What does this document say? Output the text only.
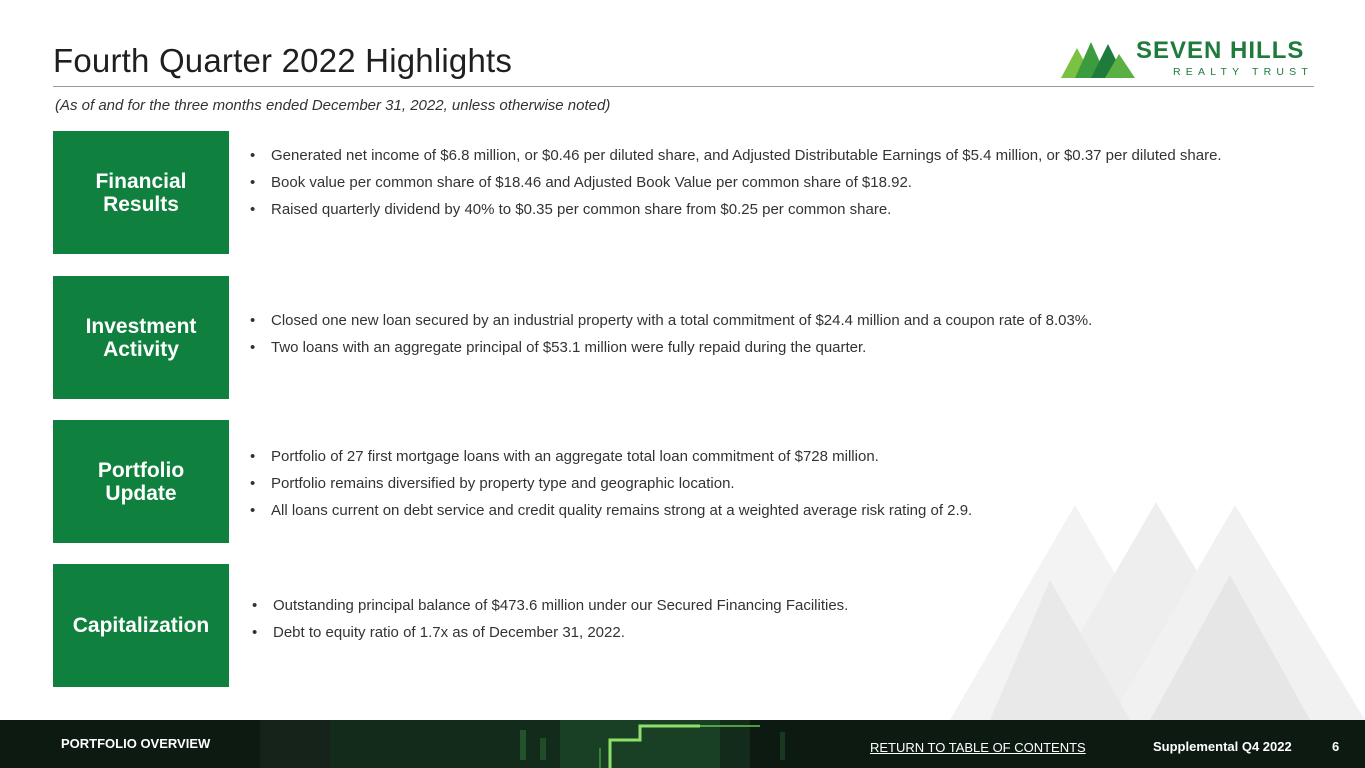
Fourth Quarter 2022 Highlights	SEVEN HILLS
REALTY TRUST
(As of and for the three months ended December 31, 2022, unless otherwise noted)
Financial Results
• Generated net income of $6.8 million, or $0.46 per diluted share, and Adjusted Distributable Earnings of $5.4 million, or $0.37 per diluted share.
• Book value per common share of $18.46 and Adjusted Book Value per common share of $18.92.
• Raised quarterly dividend by 40% to $0.35 per common share from $0.25 per common share.
Investment Activity
• Closed one new loan secured by an industrial property with a total commitment of $24.4 million and a coupon rate of 8.03%.
• Two loans with an aggregate principal of $53.1 million were fully repaid during the quarter.
Portfolio Update
• Portfolio of 27 first mortgage loans with an aggregate total loan commitment of $728 million.
• Portfolio remains diversified by property type and geographic location.
• All loans current on debt service and credit quality remains strong at a weighted average risk rating of 2.9.
Capitalization
• Outstanding principal balance of $473.6 million under our Secured Financing Facilities.
• Debt to equity ratio of 1.7x as of December 31, 2022.
PORTFOLIO OVERVIEW	RETURN TO TABLE OF CONTENTS	Supplemental Q4 2022	6
